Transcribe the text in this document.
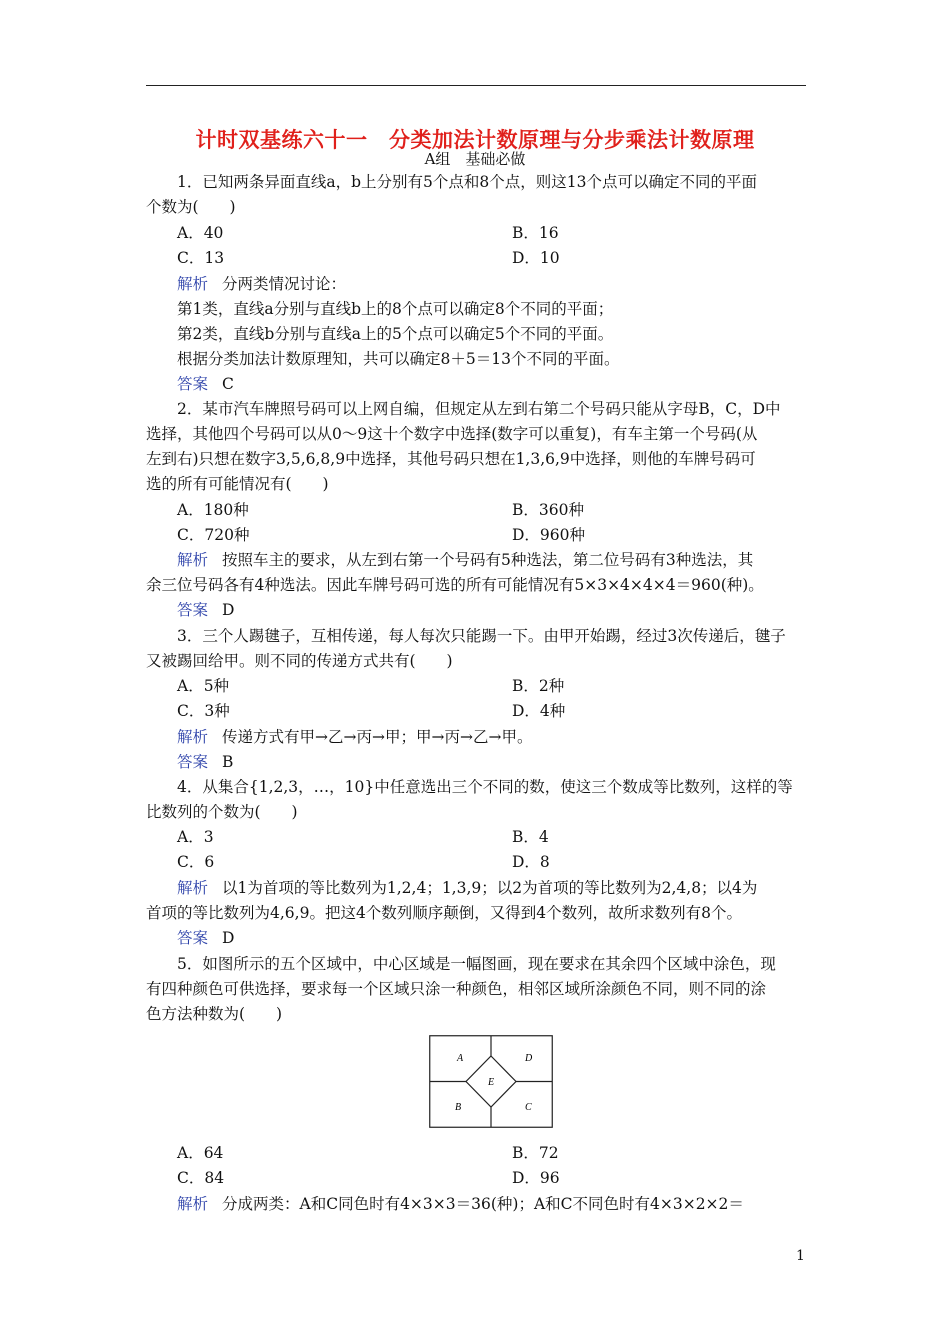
计时双基练六十一　分类加法计数原理与分步乘法计数原理
A组　基础必做
1．已知两条异面直线a，b上分别有5个点和8个点，则这13个点可以确定不同的平面
个数为(　　)
A．40	B．16
C．13	D．10
解析 分两类情况讨论：
第1类，直线a分别与直线b上的8个点可以确定8个不同的平面；
第2类，直线b分别与直线a上的5个点可以确定5个不同的平面。
根据分类加法计数原理知，共可以确定8＋5＝13个不同的平面。
答案 C
2．某市汽车牌照号码可以上网自编，但规定从左到右第二个号码只能从字母B，C，D中
选择，其他四个号码可以从0～9这十个数字中选择(数字可以重复)，有车主第一个号码(从
左到右)只想在数字3,5,6,8,9中选择，其他号码只想在1,3,6,9中选择，则他的车牌号码可
选的所有可能情况有(　　)
A．180种	B．360种
C．720种	D．960种
解析 按照车主的要求，从左到右第一个号码有5种选法，第二位号码有3种选法，其
余三位号码各有4种选法。因此车牌号码可选的所有可能情况有5×3×4×4×4＝960(种)。
答案 D
3．三个人踢毽子，互相传递，每人每次只能踢一下。由甲开始踢，经过3次传递后，毽子
又被踢回给甲。则不同的传递方式共有(　　)
A．5种	B．2种
C．3种	D．4种
解析 传递方式有甲→乙→丙→甲；甲→丙→乙→甲。
答案 B
4．从集合{1,2,3，…，10}中任意选出三个不同的数，使这三个数成等比数列，这样的等
比数列的个数为(　　)
A．3	B．4
C．6	D．8
解析 以1为首项的等比数列为1,2,4；1,3,9；以2为首项的等比数列为2,4,8；以4为
首项的等比数列为4,6,9。把这4个数列顺序颠倒，又得到4个数列，故所求数列有8个。
答案 D
5．如图所示的五个区域中，中心区域是一幅图画，现在要求在其余四个区域中涂色，现
有四种颜色可供选择，要求每一个区域只涂一种颜色，相邻区域所涂颜色不同，则不同的涂
色方法种数为(　　)
A	D
E
B	C
A．64	B．72
C．84	D．96
解析 分成两类：A和C同色时有4×3×3＝36(种)；A和C不同色时有4×3×2×2＝
1
